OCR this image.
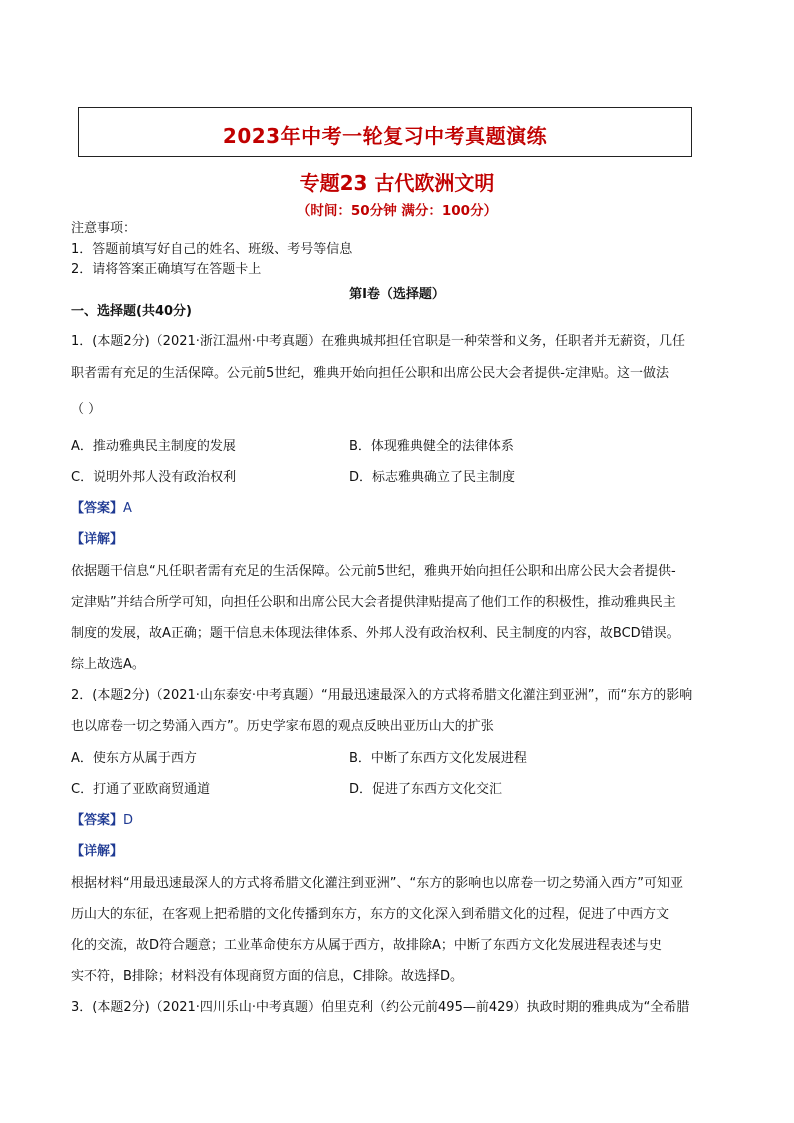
2023年中考一轮复习中考真题演练
专题23 古代欧洲文明
（时间：50分钟 满分：100分）
注意事项：
1．答题前填写好自己的姓名、班级、考号等信息
2．请将答案正确填写在答题卡上
第I卷（选择题）
一、选择题(共40分)
1．(本题2分)（2021·浙江温州·中考真题）在雅典城邦担任官职是一种荣誉和义务，任职者并无薪资，几任
职者需有充足的生活保障。公元前5世纪，雅典开始向担任公职和出席公民大会者提供-定津贴。这一做法
（ ）
A．推动雅典民主制度的发展	B．体现雅典健全的法律体系
C．说明外邦人没有政治权利	D．标志雅典确立了民主制度
【答案】A
【详解】
依据题干信息“凡任职者需有充足的生活保障。公元前5世纪，雅典开始向担任公职和出席公民大会者提供-
定津贴”并结合所学可知，向担任公职和出席公民大会者提供津贴提高了他们工作的积极性，推动雅典民主
制度的发展，故A正确；题干信息未体现法律体系、外邦人没有政治权利、民主制度的内容，故BCD错误。
综上故选A。
2．(本题2分)（2021·山东泰安·中考真题）“用最迅速最深入的方式将希腊文化灌注到亚洲”，而“东方的影响
也以席卷一切之势涌入西方”。历史学家布恩的观点反映出亚历山大的扩张
A．使东方从属于西方	B．中断了东西方文化发展进程
C．打通了亚欧商贸通道	D．促进了东西方文化交汇
【答案】D
【详解】
根据材料“用最迅速最深人的方式将希腊文化灌注到亚洲”、“东方的影响也以席卷一切之势涌入西方”可知亚
历山大的东征，在客观上把希腊的文化传播到东方，东方的文化深入到希腊文化的过程，促进了中西方文
化的交流，故D符合题意；工业革命使东方从属于西方，故排除A；中断了东西方文化发展进程表述与史
实不符，B排除；材料没有体现商贸方面的信息，C排除。故选择D。
3．(本题2分)（2021·四川乐山·中考真题）伯里克利（约公元前495—前429）执政时期的雅典成为“全希腊
